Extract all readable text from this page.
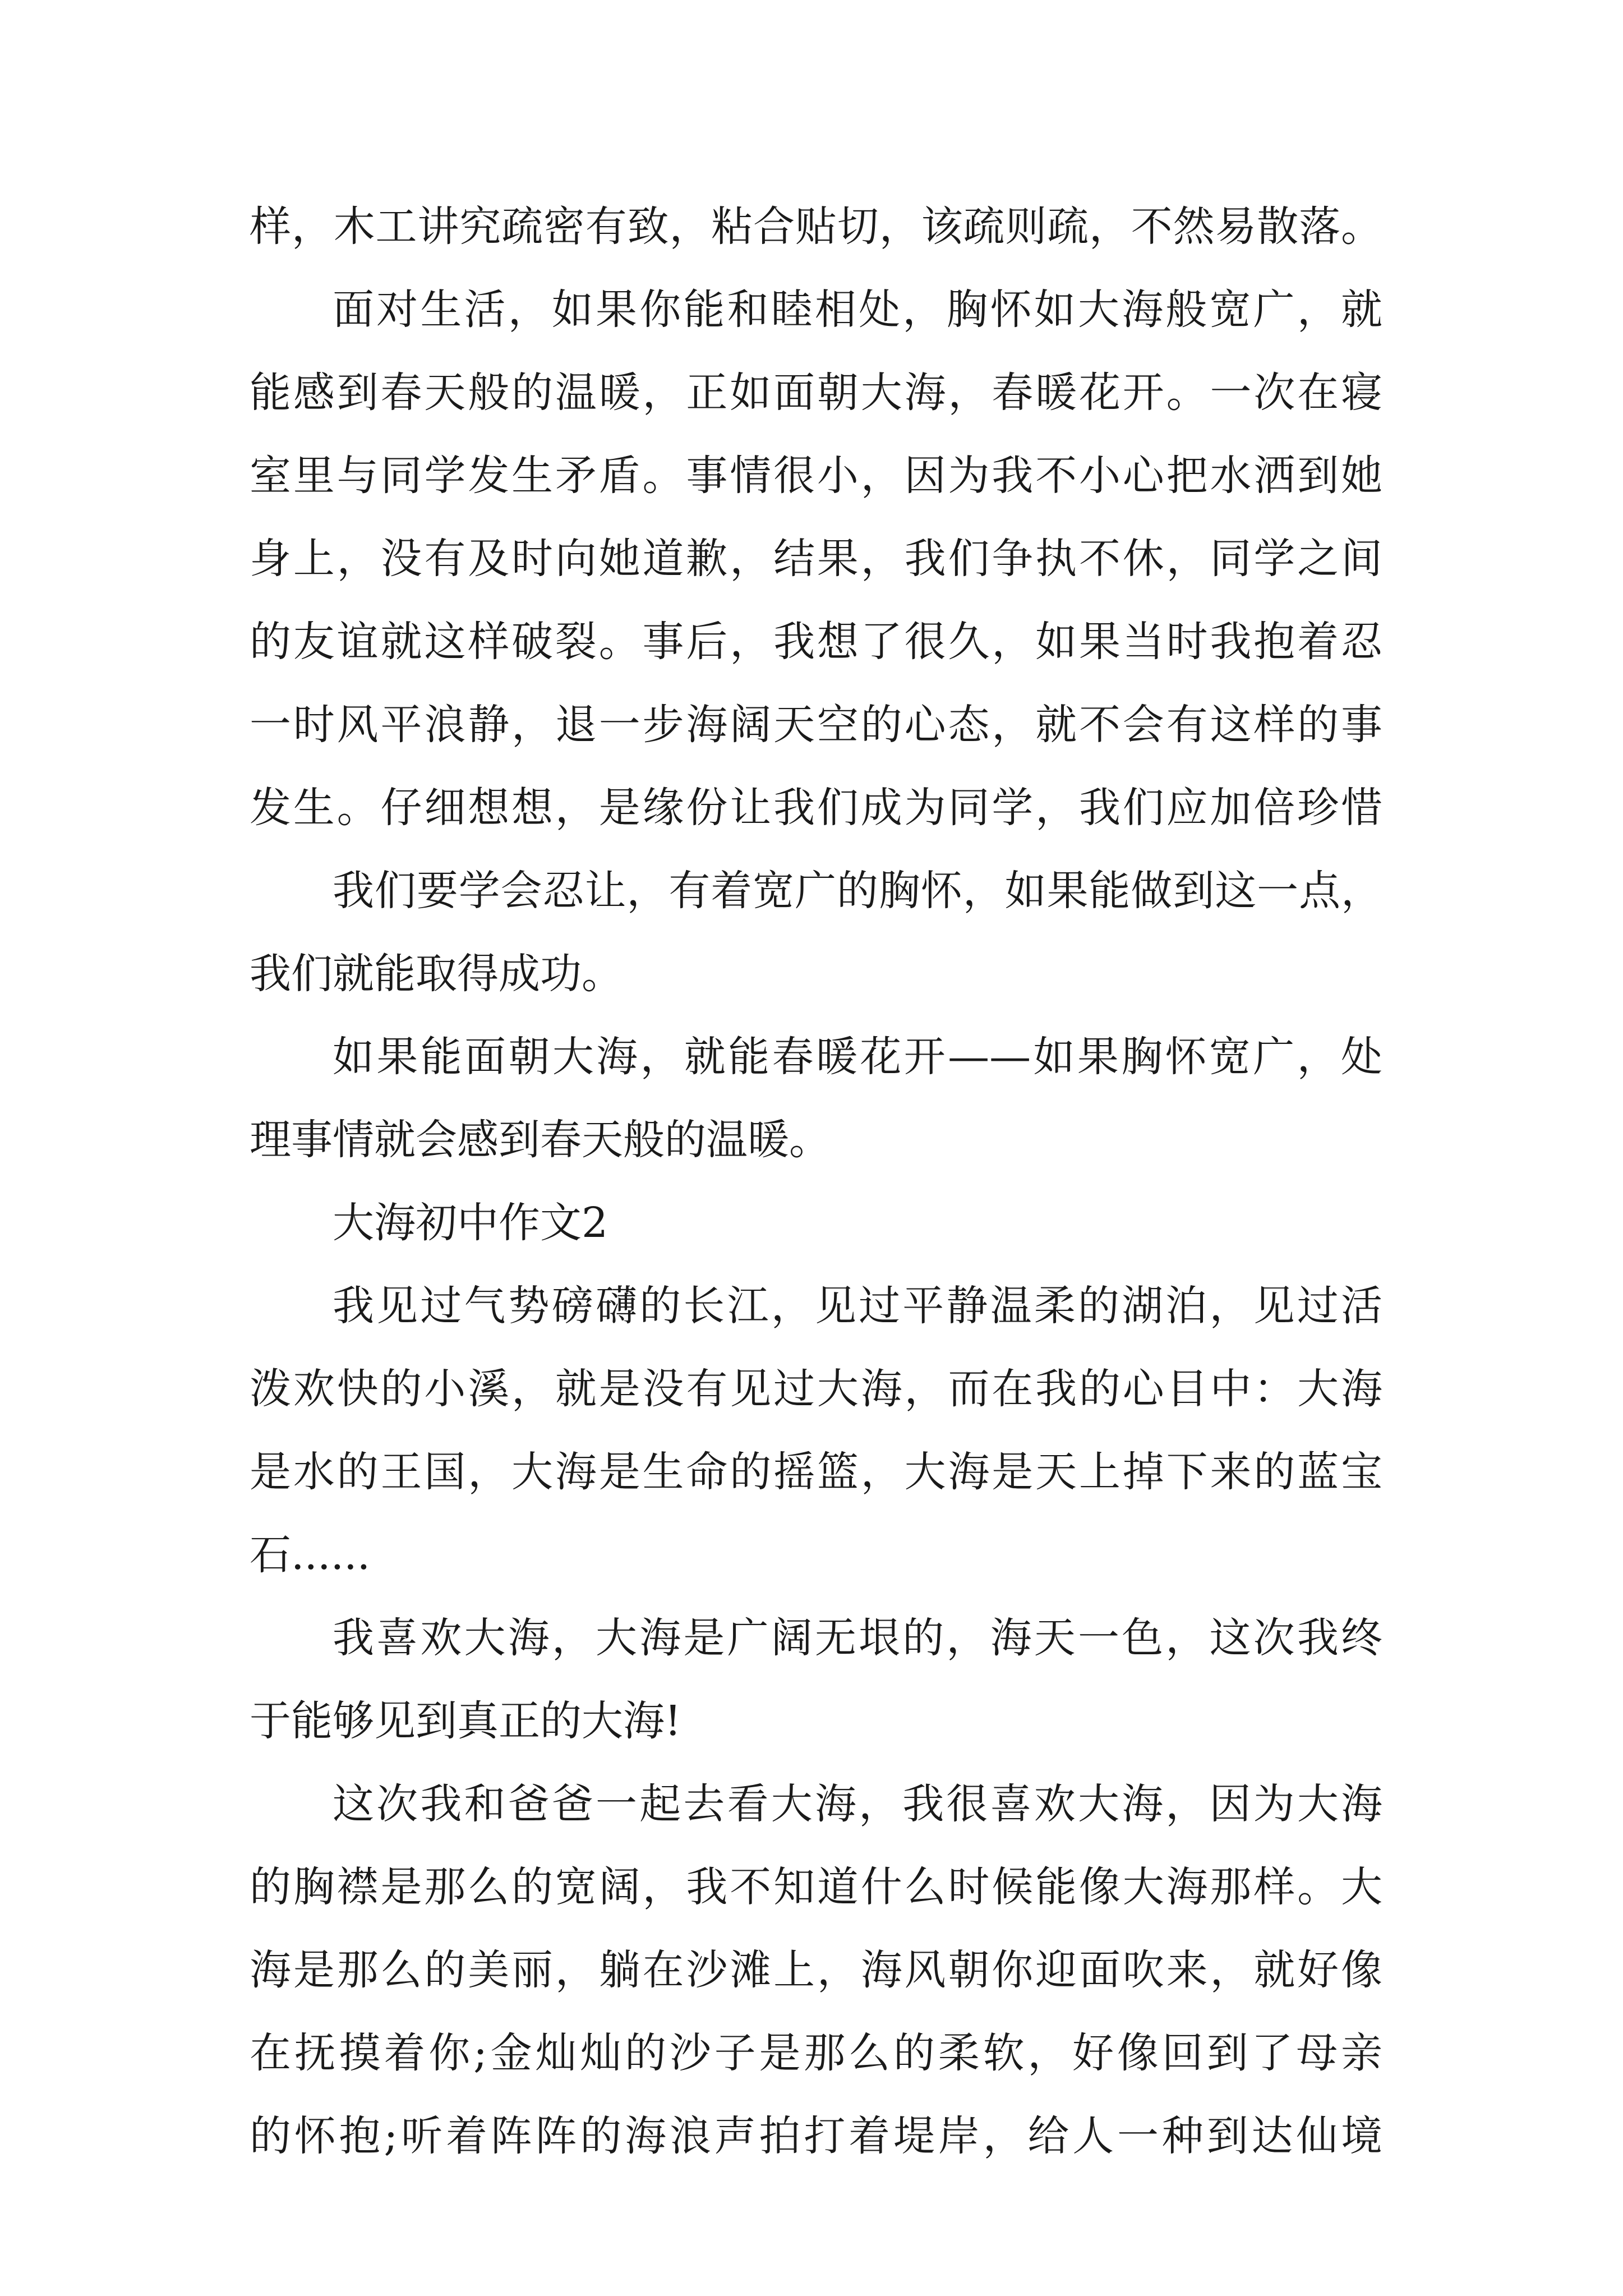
样，木工讲究疏密有致，粘合贴切，该疏则疏，不然易散落。
面对生活，如果你能和睦相处，胸怀如大海般宽广，就
能感到春天般的温暖，正如面朝大海，春暖花开。一次在寝
室里与同学发生矛盾。事情很小，因为我不小心把水洒到她
身上，没有及时向她道歉，结果，我们争执不休，同学之间
的友谊就这样破裂。事后，我想了很久，如果当时我抱着忍
一时风平浪静，退一步海阔天空的心态，就不会有这样的事
发生。仔细想想，是缘份让我们成为同学，我们应加倍珍惜
我们要学会忍让，有着宽广的胸怀，如果能做到这一点，
我们就能取得成功。
如果能面朝大海，就能春暖花开——如果胸怀宽广，处
理事情就会感到春天般的温暖。
大海初中作文2
我见过气势磅礴的长江，见过平静温柔的湖泊，见过活
泼欢快的小溪，就是没有见过大海，而在我的心目中：大海
是水的王国，大海是生命的摇篮，大海是天上掉下来的蓝宝
石......
我喜欢大海，大海是广阔无垠的，海天一色，这次我终
于能够见到真正的大海!
这次我和爸爸一起去看大海，我很喜欢大海，因为大海
的胸襟是那么的宽阔，我不知道什么时候能像大海那样。大
海是那么的美丽，躺在沙滩上，海风朝你迎面吹来，就好像
在抚摸着你;金灿灿的沙子是那么的柔软，好像回到了母亲
的怀抱;听着阵阵的海浪声拍打着堤岸，给人一种到达仙境
